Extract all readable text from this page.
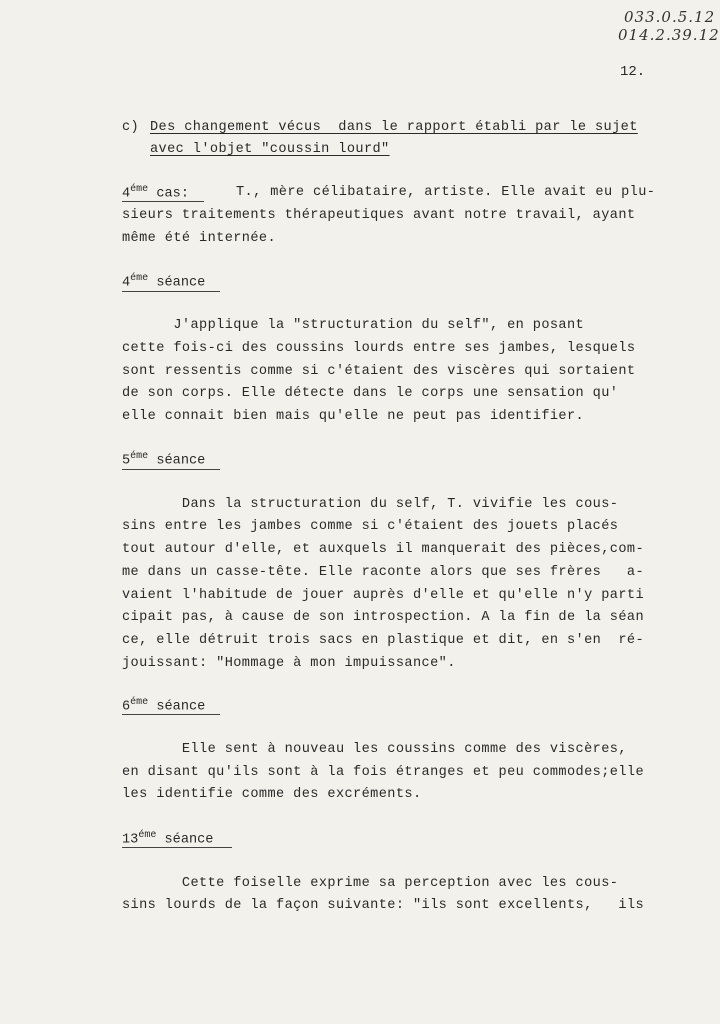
033.0.5.12
014.2.39.12
12.
c) Des changement vécus  dans le rapport établi par le sujet
avec l'objet "coussin lourd"
$4^{éme}$ cas:	T., mère célibataire, artiste. Elle avait eu plu-
sieurs traitements thérapeutiques avant notre travail, ayant
même été internée.
$4^{éme}$ séance
J'applique la "structuration du self", en posant
cette fois-ci des coussins lourds entre ses jambes, lesquels
sont ressentis comme si c'étaient des viscères qui sortaient
de son corps. Elle détecte dans le corps une sensation qu'
elle connait bien mais qu'elle ne peut pas identifier.
$5^{éme}$ séance
Dans la structuration du self, T. vivifie les cous-
sins entre les jambes comme si c'étaient des jouets placés
tout autour d'elle, et auxquels il manquerait des pièces,com-
me dans un casse-tête. Elle raconte alors que ses frères   a-
vaient l'habitude de jouer auprès d'elle et qu'elle n'y parti
cipait pas, à cause de son introspection. A la fin de la séan
ce, elle détruit trois sacs en plastique et dit, en s'en  ré-
jouissant: "Hommage à mon impuissance".
$6^{éme}$ séance
Elle sent à nouveau les coussins comme des viscères,
en disant qu'ils sont à la fois étranges et peu commodes;elle
les identifie comme des excréments.
$13^{éme}$ séance
Cette foiselle exprime sa perception avec les cous-
sins lourds de la façon suivante: "ils sont excellents,   ils
